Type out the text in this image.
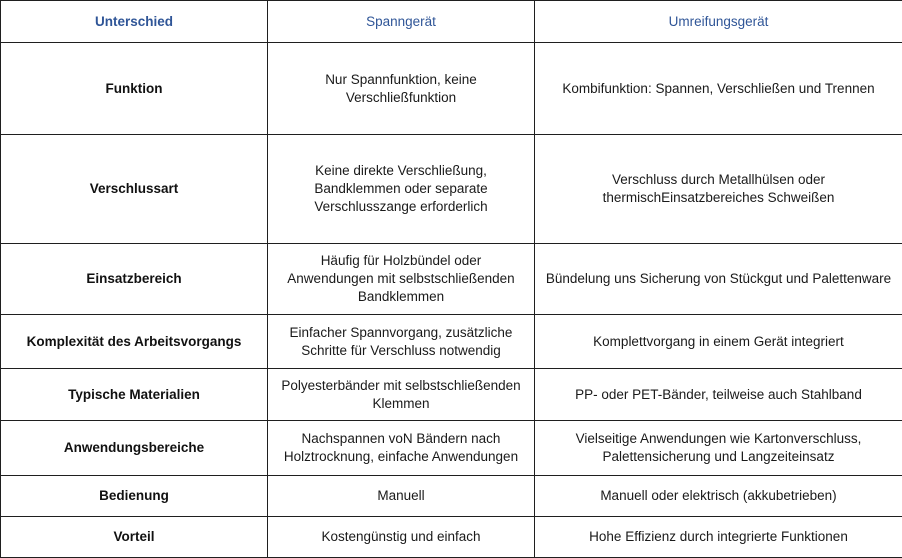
Unterschied	Spanngerät	Umreifungsgerät
Funktion	Nur Spannfunktion, keine Verschließfunktion	Kombifunktion: Spannen, Verschließen und Trennen
Verschlussart	Keine direkte Verschließung, Bandklemmen oder separate Verschlusszange erforderlich	Verschluss durch Metallhülsen oder thermischEinsatzbereiches Schweißen
Einsatzbereich	Häufig für Holzbündel oder Anwendungen mit selbstschließenden Bandklemmen	Bündelung uns Sicherung von Stückgut und Palettenware
Komplexität des Arbeitsvorgangs	Einfacher Spannvorgang, zusätzliche Schritte für Verschluss notwendig	Komplettvorgang in einem Gerät integriert
Typische Materialien	Polyesterbänder mit selbstschließenden Klemmen	PP- oder PET-Bänder, teilweise auch Stahlband
Anwendungsbereiche	Nachspannen voN Bändern nach Holztrocknung, einfache Anwendungen	Vielseitige Anwendungen wie Kartonverschluss, Palettensicherung und Langzeiteinsatz
Bedienung	Manuell	Manuell oder elektrisch (akkubetrieben)
Vorteil	Kostengünstig und einfach	Hohe Effizienz durch integrierte Funktionen
